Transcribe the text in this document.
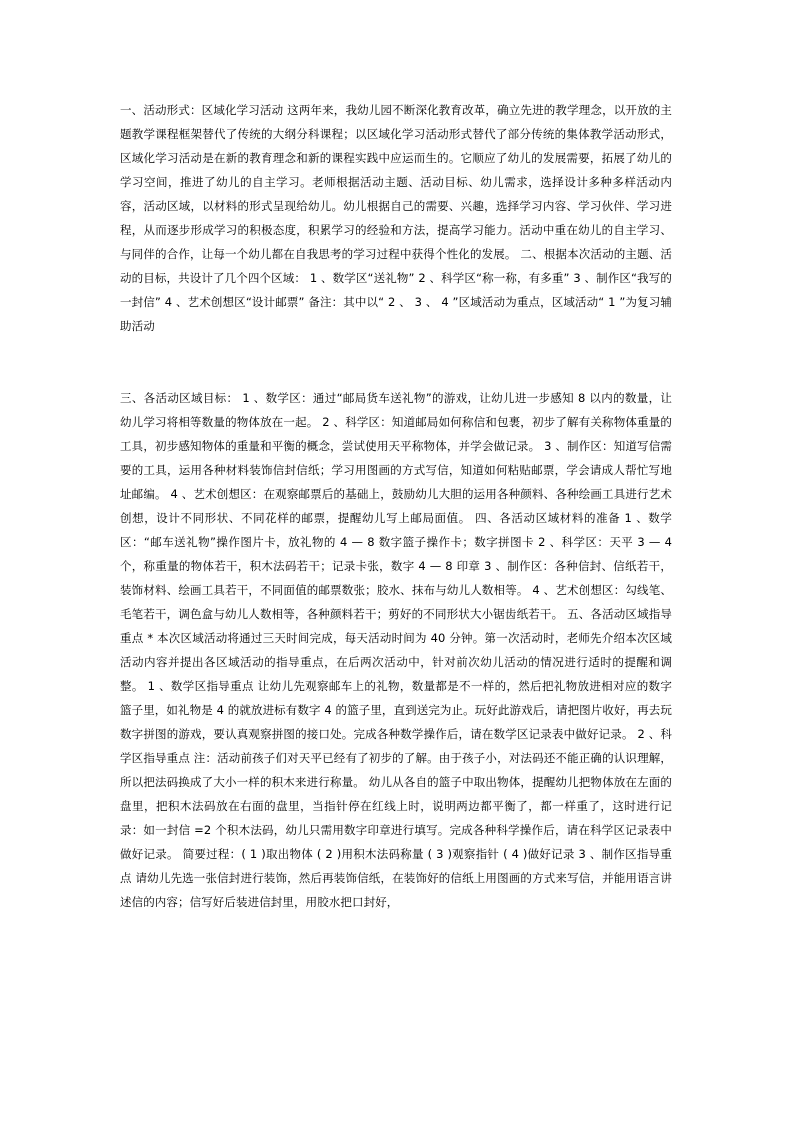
一、活动形式：区域化学习活动 这两年来，我幼儿园不断深化教育改革，确立先进的教学理念，以开放的主题教学课程框架替代了传统的大纲分科课程；以区域化学习活动形式替代了部分传统的集体教学活动形式，区域化学习活动是在新的教育理念和新的课程实践中应运而生的。它顺应了幼儿的发展需要，拓展了幼儿的学习空间，推进了幼儿的自主学习。老师根据活动主题、活动目标、幼儿需求，选择设计多种多样活动内容，活动区域，以材料的形式呈现给幼儿。幼儿根据自己的需要、兴趣，选择学习内容、学习伙伴、学习进程，从而逐步形成学习的积极态度，积累学习的经验和方法，提高学习能力。活动中重在幼儿的自主学习、与同伴的合作，让每一个幼儿都在自我思考的学习过程中获得个性化的发展。 二、根据本次活动的主题、活动的目标，共设计了几个四个区域： 1 、数学区“送礼物” 2 、科学区“称一称，有多重” 3 、制作区“我写的一封信” 4 、艺术创想区“设计邮票” 备注：其中以“ 2 、 3 、 4 ”区域活动为重点，区域活动“ 1 ”为复习辅助活动

三、各活动区域目标： 1 、数学区：通过“邮局货车送礼物”的游戏，让幼儿进一步感知 8 以内的数量，让幼儿学习将相等数量的物体放在一起。 2 、科学区：知道邮局如何称信和包裹，初步了解有关称物体重量的工具，初步感知物体的重量和平衡的概念，尝试使用天平称物体，并学会做记录。 3 、制作区：知道写信需要的工具，运用各种材料装饰信封信纸；学习用图画的方式写信，知道如何粘贴邮票，学会请成人帮忙写地址邮编。 4 、艺术创想区：在观察邮票后的基础上，鼓励幼儿大胆的运用各种颜料、各种绘画工具进行艺术创想，设计不同形状、不同花样的邮票，提醒幼儿写上邮局面值。 四、各活动区域材料的准备 1 、数学区：“邮车送礼物”操作图片卡，放礼物的 4 — 8 数字篮子操作卡；数字拼图卡 2 、科学区：天平 3 — 4 个，称重量的物体若干，积木法码若干；记录卡张，数字 4 — 8 印章 3 、制作区：各种信封、信纸若干，装饰材料、绘画工具若干，不同面值的邮票数张；胶水、抹布与幼儿人数相等。 4 、艺术创想区：勾线笔、毛笔若干，调色盒与幼儿人数相等，各种颜料若干；剪好的不同形状大小锯齿纸若干。 五、各活动区域指导重点 * 本次区域活动将通过三天时间完成，每天活动时间为 40 分钟。第一次活动时，老师先介绍本次区域活动内容并提出各区域活动的指导重点，在后两次活动中，针对前次幼儿活动的情况进行适时的提醒和调整。 1 、数学区指导重点 让幼儿先观察邮车上的礼物，数量都是不一样的，然后把礼物放进相对应的数字篮子里，如礼物是 4 的就放进标有数字 4 的篮子里，直到送完为止。玩好此游戏后，请把图片收好，再去玩数字拼图的游戏，要认真观察拼图的接口处。完成各种数学操作后，请在数学区记录表中做好记录。 2 、科学区指导重点 注：活动前孩子们对天平已经有了初步的了解。由于孩子小，对法码还不能正确的认识理解，所以把法码换成了大小一样的积木来进行称量。 幼儿从各自的篮子中取出物体，提醒幼儿把物体放在左面的盘里，把积木法码放在右面的盘里，当指针停在红线上时，说明两边都平衡了，都一样重了，这时进行记录：如一封信 =2 个积木法码，幼儿只需用数字印章进行填写。完成各种科学操作后，请在科学区记录表中做好记录。 简要过程：( 1 )取出物体 ( 2 )用积木法码称量 ( 3 )观察指针 ( 4 )做好记录 3 、制作区指导重点 请幼儿先选一张信封进行装饰，然后再装饰信纸，在装饰好的信纸上用图画的方式来写信，并能用语言讲述信的内容；信写好后装进信封里，用胶水把口封好，
